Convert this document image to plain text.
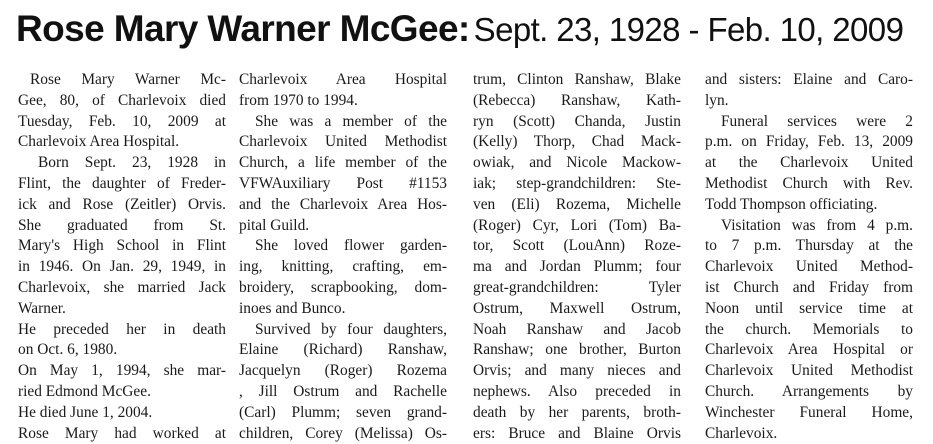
Rose Mary Warner McGee: Sept. 23, 1928 - Feb. 10, 2009
Rose Mary Warner Mc-
Gee, 80, of Charlevoix died
Tuesday, Feb. 10, 2009 at
Charlevoix Area Hospital.
Born Sept. 23, 1928 in
Flint, the daughter of Freder-
ick and Rose (Zeitler) Orvis.
She graduated from St.
Mary's High School in Flint
in 1946. On Jan. 29, 1949, in
Charlevoix, she married Jack
Warner.
He preceded her in death
on Oct. 6, 1980.
On May 1, 1994, she mar-
ried Edmond McGee.
He died June 1, 2004.
Rose Mary had worked at
Charlevoix Area Hospital
from 1970 to 1994.
She was a member of the
Charlevoix United Methodist
Church, a life member of the
VFWAuxiliary Post #1153
and the Charlevoix Area Hos-
pital Guild.
She loved flower garden-
ing, knitting, crafting, em-
broidery, scrapbooking, dom-
inoes and Bunco.
Survived by four daughters,
Elaine (Richard) Ranshaw,
Jacquelyn (Roger) Rozema
, Jill Ostrum and Rachelle
(Carl) Plumm; seven grand-
children, Corey (Melissa) Os-
trum, Clinton Ranshaw, Blake
(Rebecca) Ranshaw, Kath-
ryn (Scott) Chanda, Justin
(Kelly) Thorp, Chad Mack-
owiak, and Nicole Mackow-
iak; step-grandchildren: Ste-
ven (Eli) Rozema, Michelle
(Roger) Cyr, Lori (Tom) Ba-
tor, Scott (LouAnn) Roze-
ma and Jordan Plumm; four
great-grandchildren: Tyler
Ostrum, Maxwell Ostrum,
Noah Ranshaw and Jacob
Ranshaw; one brother, Burton
Orvis; and many nieces and
nephews. Also preceded in
death by her parents, broth-
ers: Bruce and Blaine Orvis
and sisters: Elaine and Caro-
lyn.
Funeral services were 2
p.m. on Friday, Feb. 13, 2009
at the Charlevoix United
Methodist Church with Rev.
Todd Thompson officiating.
Visitation was from 4 p.m.
to 7 p.m. Thursday at the
Charlevoix United Method-
ist Church and Friday from
Noon until service time at
the church. Memorials to
Charlevoix Area Hospital or
Charlevoix United Methodist
Church. Arrangements by
Winchester Funeral Home,
Charlevoix.
